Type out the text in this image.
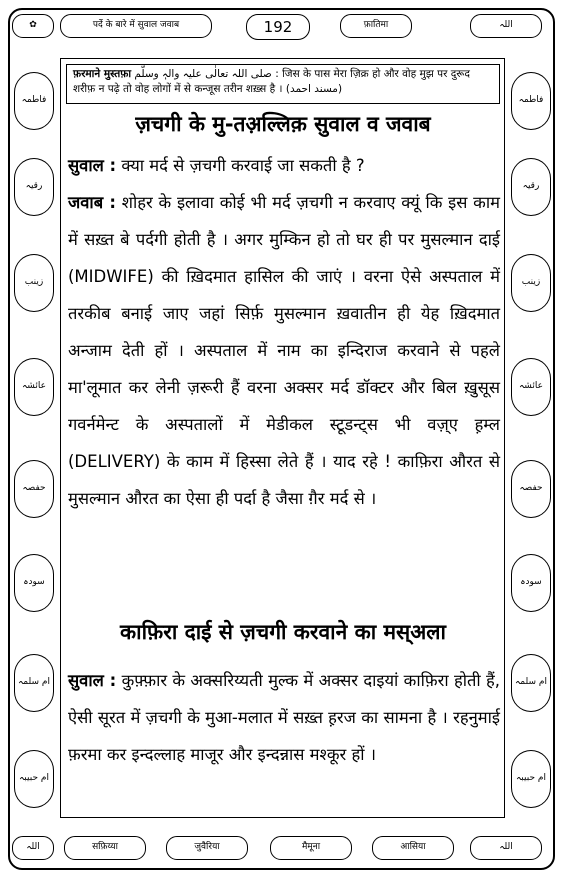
✿	पर्दे के बारे में सुवाल जवाब	192	फ़ातिमा	اللہ
فاطمہ
رقیہ
زینب
عائشہ
حفصہ
سودہ
ام سلمہ
ام حبیبہ
اللہ
فاطمہ
رقیہ
زینب
عائشہ
حفصہ
سودہ
ام سلمہ
ام حبیبہ
सफ़िय्या	जुवैरिया	मैमूना	आसिया	اللہ
फ़रमाने मुस्तफ़ा صلی اللہ تعالٰی علیہ والہٖ وسلّم : जिस के पास मेरा ज़िक्र हो और वोह मुझ पर दुरूद शरीफ़ न पढ़े तो वोह लोगों में से कन्जूस तरीन शख़्स है । (مسند احمد)
ज़चगी के मु-तअ़ल्लिक़ सुवाल व जवाब
सुवाल : क्या मर्द से ज़चगी करवाई जा सकती है ?
जवाब : शोहर के इलावा कोई भी मर्द ज़चगी न करवाए क्यूं कि इस काम में सख़्त बे पर्दगी होती है । अगर मुम्किन हो तो घर ही पर मुसल्मान दाई (MIDWIFE) की ख़िदमात हासिल की जाएं । वरना ऐसे अस्पताल में तरकीब बनाई जाए जहां सिर्फ़ मुसल्मान ख़वातीन ही येह ख़िदमात अन्जाम देती हों । अस्पताल में नाम का इन्दिराज करवाने से पहले मा'लूमात कर लेनी ज़रूरी हैं वरना अक्सर मर्द डॉक्टर और बिल ख़ुसूस गवर्नमेन्ट के अस्पतालों में मेडीकल स्टूडन्ट्स भी वज़्ए ह़म्ल (DELIVERY) के काम में हिस्सा लेते हैं । याद रहे ! काफ़िरा औरत से मुसल्मान औरत का ऐसा ही पर्दा है जैसा ग़ैर मर्द से ।
काफ़िरा दाई से ज़चगी करवाने का मस्अला
सुवाल : कुफ़्फ़ार के अक्सरिय्यती मुल्क में अक्सर दाइयां काफ़िरा होती हैं, ऐसी सूरत में ज़चगी के मुआ-मलात में सख़्त ह़रज का सामना है । रहनुमाई फ़रमा कर इन्दल्लाह माजूर और इन्दन्नास मश्कूर हों ।
